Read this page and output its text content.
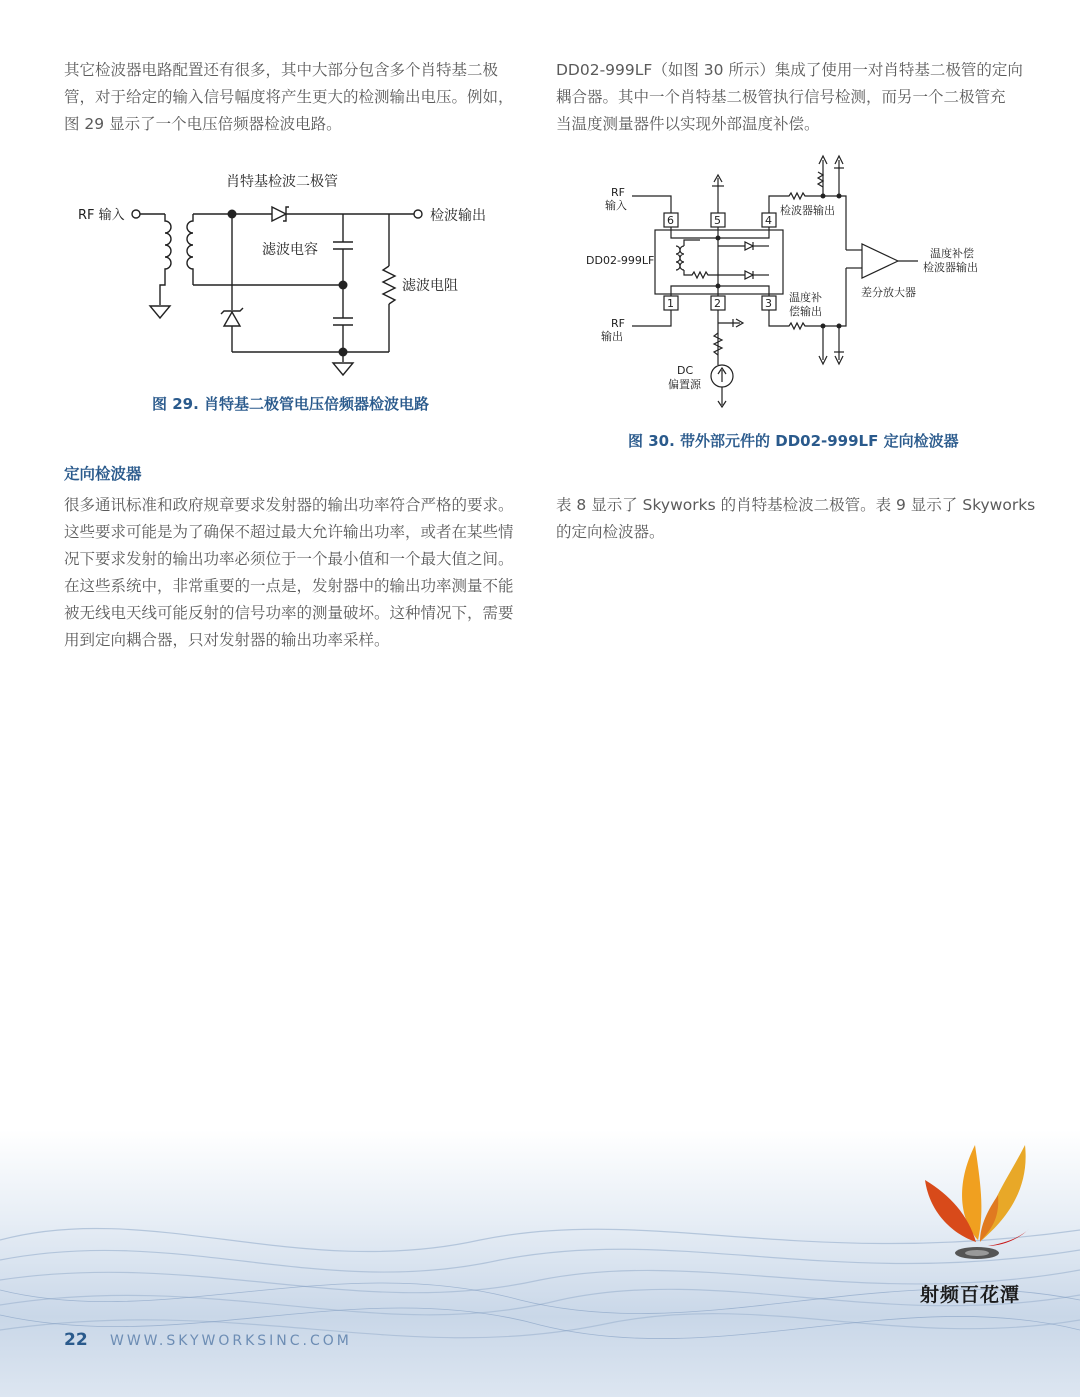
其它检波器电路配置还有很多，其中大部分包含多个肖特基二极
管，对于给定的输入信号幅度将产生更大的检测输出电压。例如，
图 29 显示了一个电压倍频器检波电路。
DD02-999LF（如图 30 所示）集成了使用一对肖特基二极管的定向
耦合器。其中一个肖特基二极管执行信号检测，而另一个二极管充
当温度测量器件以实现外部温度补偿。
肖特基检波二极管
RF 输入
滤波电容
滤波电阻
检波输出
图 29. 肖特基二极管电压倍频器检波电路
6	5	4
1	2	3
RF
输入
DD02-999LF
RF
输出
检波器输出
温度补
偿输出
差分放大器
温度补偿
检波器输出
DC
偏置源
图 30. 带外部元件的 DD02-999LF 定向检波器
定向检波器
很多通讯标准和政府规章要求发射器的输出功率符合严格的要求。
这些要求可能是为了确保不超过最大允许输出功率，或者在某些情
况下要求发射的输出功率必须位于一个最小值和一个最大值之间。
在这些系统中，非常重要的一点是，发射器中的输出功率测量不能
被无线电天线可能反射的信号功率的测量破坏。这种情况下，需要
用到定向耦合器，只对发射器的输出功率采样。
表 8 显示了 Skyworks 的肖特基检波二极管。表 9 显示了 Skyworks
的定向检波器。
射频百花潭
22 WWW.SKYWORKSINC.COM
